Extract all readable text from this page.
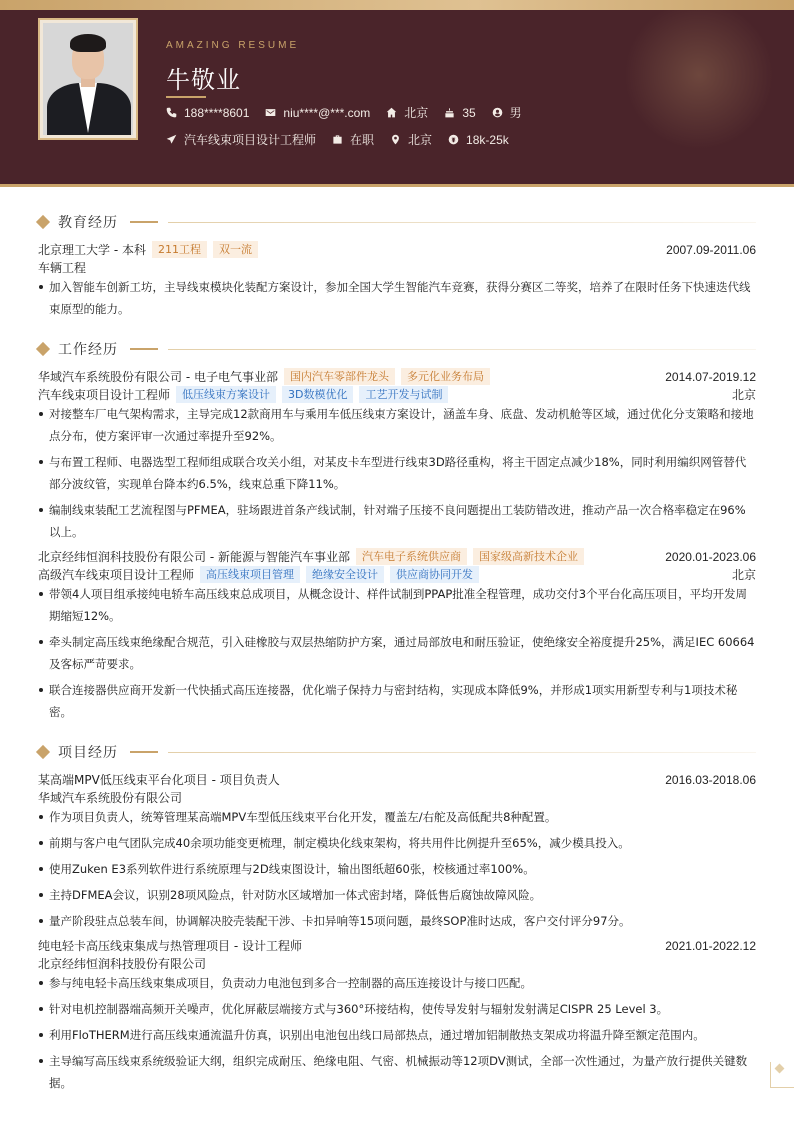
AMAZING RESUME
牛敬业
188****8601	niu****@***.com	北京	35	男
汽车线束项目设计工程师	在职	北京	18k-25k
教育经历
北京理工大学 - 本科	211工程	双一流	2007.09-2011.06
车辆工程
加入智能车创新工坊，主导线束模块化装配方案设计，参加全国大学生智能汽车竞赛，获得分赛区二等奖，培养了在限时任务下快速迭代线束原型的能力。
工作经历
华域汽车系统股份有限公司 - 电子电气事业部	国内汽车零部件龙头	多元化业务布局	2014.07-2019.12
汽车线束项目设计工程师	低压线束方案设计	3D数模优化	工艺开发与试制	北京
对接整车厂电气架构需求，主导完成12款商用车与乘用车低压线束方案设计，涵盖车身、底盘、发动机舱等区域，通过优化分支策略和接地点分布，使方案评审一次通过率提升至92%。
与布置工程师、电器选型工程师组成联合攻关小组，对某皮卡车型进行线束3D路径重构，将主干固定点减少18%，同时利用编织网管替代部分波纹管，实现单台降本约6.5%，线束总重下降11%。
编制线束装配工艺流程图与PFMEA，驻场跟进首条产线试制，针对端子压接不良问题提出工装防错改进，推动产品一次合格率稳定在96%以上。
北京经纬恒润科技股份有限公司 - 新能源与智能汽车事业部	汽车电子系统供应商	国家级高新技术企业	2020.01-2023.06
高级汽车线束项目设计工程师	高压线束项目管理	绝缘安全设计	供应商协同开发	北京
带领4人项目组承接纯电轿车高压线束总成项目，从概念设计、样件试制到PPAP批准全程管理，成功交付3个平台化高压项目，平均开发周期缩短12%。
牵头制定高压线束绝缘配合规范，引入硅橡胶与双层热缩防护方案，通过局部放电和耐压验证，使绝缘安全裕度提升25%，满足IEC 60664及客标严苛要求。
联合连接器供应商开发新一代快插式高压连接器，优化端子保持力与密封结构，实现成本降低9%，并形成1项实用新型专利与1项技术秘密。
项目经历
某高端MPV低压线束平台化项目 - 项目负责人	2016.03-2018.06
华域汽车系统股份有限公司
作为项目负责人，统筹管理某高端MPV车型低压线束平台化开发，覆盖左/右舵及高低配共8种配置。
前期与客户电气团队完成40余项功能变更梳理，制定模块化线束架构，将共用件比例提升至65%，减少模具投入。
使用Zuken E3系列软件进行系统原理与2D线束图设计，输出图纸超60张，校核通过率100%。
主持DFMEA会议，识别28项风险点，针对防水区域增加一体式密封堵，降低售后腐蚀故障风险。
量产阶段驻点总装车间，协调解决胶壳装配干涉、卡扣异响等15项问题，最终SOP准时达成，客户交付评分97分。
纯电轻卡高压线束集成与热管理项目 - 设计工程师	2021.01-2022.12
北京经纬恒润科技股份有限公司
参与纯电轻卡高压线束集成项目，负责动力电池包到多合一控制器的高压连接设计与接口匹配。
针对电机控制器端高频开关噪声，优化屏蔽层端接方式与360°环接结构，使传导发射与辐射发射满足CISPR 25 Level 3。
利用FloTHERM进行高压线束通流温升仿真，识别出电池包出线口局部热点，通过增加铝制散热支架成功将温升降至额定范围内。
主导编写高压线束系统级验证大纲，组织完成耐压、绝缘电阻、气密、机械振动等12项DV测试，全部一次性通过，为量产放行提供关键数据。
